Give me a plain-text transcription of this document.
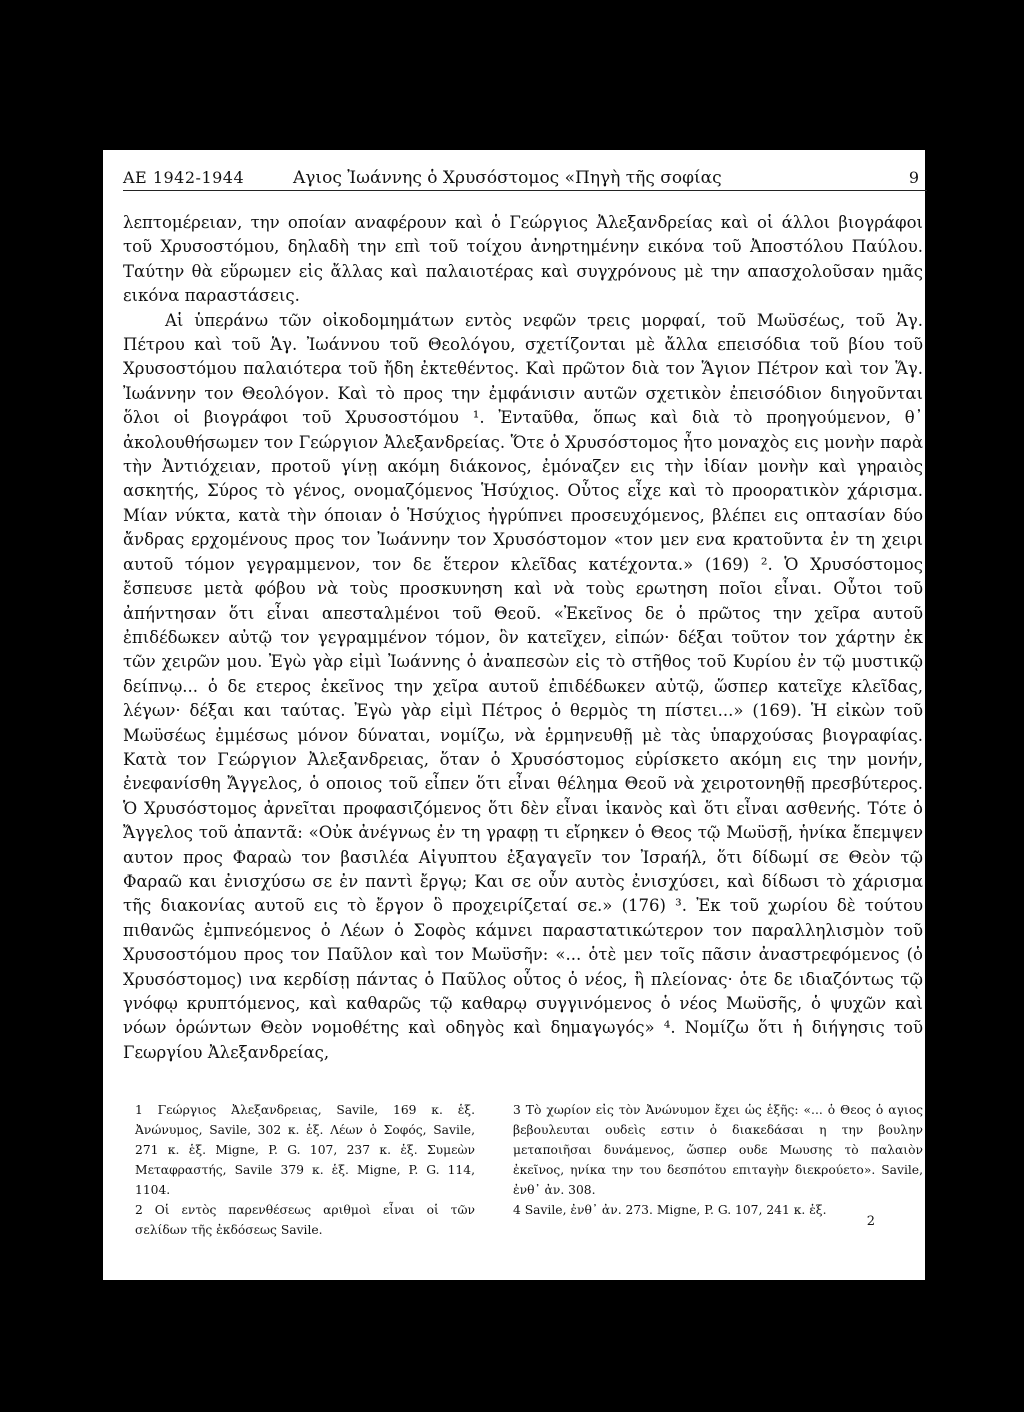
ΑΕ 1942-1944	Αγιος Ἰωάννης ὁ Χρυσόστομος «Πηγὴ τῆς σοφίας	9

λεπτομέρειαν, την οποίαν αναφέρουν καὶ ὁ Γεώργιος Ἀλεξανδρείας καὶ οἱ άλλοι βιογράφοι τοῦ Χρυσοστόμου, δηλαδὴ την επὶ τοῦ τοίχου ἀνηρτημένην εικόνα τοῦ Ἀποστόλου Παύλου. Ταύτην θὰ εὕρωμεν εἰς ἄλλας καὶ παλαιοτέρας καὶ συγχρόνους μὲ την απασχολοῦσαν ημᾶς εικόνα παραστάσεις.

Αἱ ὑπεράνω τῶν οἰκοδομημάτων εντὸς νεφῶν τρεις μορφαί, τοῦ Μωϋσέως, τοῦ Ἁγ. Πέτρου καὶ τοῦ Ἁγ. Ἰωάννου τοῦ Θεολόγου, σχετίζονται μὲ ἄλλα επεισόδια τοῦ βίου τοῦ Χρυσοστόμου παλαιότερα τοῦ ἤδη ἐκτεθέντος. Καὶ πρῶτον διὰ τον Ἅγιον Πέτρον καὶ τον Ἅγ. Ἰωάννην τον Θεολόγον. Καὶ τὸ προς την ἐμφάνισιν αυτῶν σχετικὸν ἐπεισόδιον διηγοῦνται ὅλοι οἱ βιογράφοι τοῦ Χρυσοστόμου ¹. Ἐνταῦθα, ὅπως καὶ διὰ τὸ προηγούμενον, θ᾽ ἀκολουθήσωμεν τον Γεώργιον Ἀλεξανδρείας. Ὅτε ὁ Χρυσόστομος ἦτο μοναχὸς εις μονὴν παρὰ τὴν Ἀντιόχειαν, προτοῦ γίνῃ ακόμη διάκονος, ἐμόναζεν εις τὴν ἰδίαν μονὴν καὶ γηραιὸς ασκητής, Σύρος τὸ γένος, ονομαζόμενος Ἡσύχιος. Οὗτος εἶχε καὶ τὸ προορατικὸν χάρισμα. Μίαν νύκτα, κατὰ τὴν όποιαν ὁ Ἡσύχιος ἠγρύπνει προσευχόμενος, βλέπει εις οπτασίαν δύο ἄνδρας ερχομένους προς τον Ἰωάννην τον Χρυσόστομον «τον μεν ενα κρατοῦντα ἐν τη χειρι αυτοῦ τόμον γεγραμμενον, τον δε ἕτερον κλεῖδας κατέχοντα.» (169) ². Ὁ Χρυσόστομος ἔσπευσε μετὰ φόβου νὰ τοὺς προσκυνηση καὶ νὰ τοὺς ερωτηση ποῖοι εἶναι. Οὗτοι τοῦ ἀπήντησαν ὅτι εἶναι απεσταλμένοι τοῦ Θεοῦ. «Ἐκεῖνος δε ὁ πρῶτος την χεῖρα αυτοῦ ἐπιδέδωκεν αὐτῷ τον γεγραμμένον τόμον, ὃν κατεῖχεν, εἰπών· δέξαι τοῦτον τον χάρτην ἐκ τῶν χειρῶν μου. Ἐγὼ γὰρ εἰμὶ Ἰωάννης ὁ ἀναπεσὼν εἰς τὸ στῆθος τοῦ Κυρίου ἐν τῷ μυστικῷ δείπνῳ... ὁ δε ετερος ἐκεῖνος την χεῖρα αυτοῦ ἐπιδέδωκεν αὐτῷ, ὥσπερ κατεῖχε κλεῖδας, λέγων· δέξαι και ταύτας. Ἐγὼ γὰρ εἰμὶ Πέτρος ὁ θερμὸς τη πίστει...» (169). Ἡ εἰκὼν τοῦ Μωϋσέως ἐμμέσως μόνον δύναται, νομίζω, νὰ ἑρμηνευθῇ μὲ τὰς ὑπαρχούσας βιογραφίας. Κατὰ τον Γεώργιον Ἀλεξανδρειας, ὅταν ὁ Χρυσόστομος εὑρίσκετο ακόμη εις την μονήν, ἐνεφανίσθη Ἄγγελος, ὁ οποιος τοῦ εἶπεν ὅτι εἶναι θέλημα Θεοῦ νὰ χειροτονηθῇ πρεσβύτερος. Ὁ Χρυσόστομος ἀρνεῖται προφασιζόμενος ὅτι δὲν εἶναι ἱκανὸς καὶ ὅτι εἶναι ασθενής. Τότε ὁ Ἄγγελος τοῦ ἀπαντᾶ: «Οὐκ ἀνέγνως ἐν τη γραφῃ τι εἴρηκεν ὁ Θεος τῷ Μωϋσῇ, ἡνίκα ἔπεμψεν αυτον προς Φαραὼ τον βασιλέα Αἰγυπτου ἐξαγαγεῖν τον Ἰσραήλ, ὅτι δίδωμί σε Θεὸν τῷ Φαραῶ και ἐνισχύσω σε ἐν παντὶ ἔργῳ; Και σε οὖν αυτὸς ἐνισχύσει, καὶ δίδωσι τὸ χάρισμα τῆς διακονίας αυτοῦ εις τὸ ἔργον ὃ προχειρίζεταί σε.» (176) ³. Ἐκ τοῦ χωρίου δὲ τούτου πιθανῶς ἐμπνεόμενος ὁ Λέων ὁ Σοφὸς κάμνει παραστατικώτερον τον παραλληλισμὸν τοῦ Χρυσοστόμου προς τον Παῦλον καὶ τον Μωϋσῆν: «... ὁτὲ μεν τοῖς πᾶσιν ἀναστρεφόμενος (ὁ Χρυσόστομος) ινα κερδίσῃ πάντας ὁ Παῦλος οὗτος ὁ νέος, ἢ πλείονας· ὁτε δε ιδιαζόντως τῷ γνόφῳ κρυπτόμενος, καὶ καθαρῶς τῷ καθαρῳ συγγινόμενος ὁ νέος Μωϋσῆς, ὁ ψυχῶν καὶ νόων ὁρώντων Θεὸν νομοθέτης καὶ οδηγὸς καὶ δημαγωγός» ⁴. Νομίζω ὅτι ἡ διήγησις τοῦ Γεωργίου Ἀλεξανδρείας,

1 Γεώργιος Ἀλεξανδρειας, Savile, 169 κ. ἑξ. Ἀνώνυμος, Savile, 302 κ. ἑξ. Λέων ὁ Σοφός, Savile, 271 κ. ἑξ. Migne, P. G. 107, 237 κ. ἑξ. Συμεὼν Μεταφραστής, Savile 379 κ. ἑξ. Migne, P. G. 114, 1104.

2 Οἱ εντὸς παρενθέσεως αριθμοὶ εἶναι οἱ τῶν σελίδων τῆς ἐκδόσεως Savile.

3 Τὸ χωρίον εἰς τὸν Ἀνώνυμον ἔχει ὡς ἑξῆς: «... ὁ Θεος ὁ αγιος βεβουλευται ουδεὶς εστιν ὁ διακεδάσαι η την βουλην μεταποιῆσαι δυνάμενος, ὥσπερ ουδε Μωυσης τὸ παλαιὸν ἐκεῖνος, ηνίκα την του δεσπότου επιταγὴν διεκρούετο». Savile, ἐνθ᾽ ἀν. 308.

4 Savile, ἐνθ᾽ ἀν. 273. Migne, P. G. 107, 241 κ. ἑξ.

2
